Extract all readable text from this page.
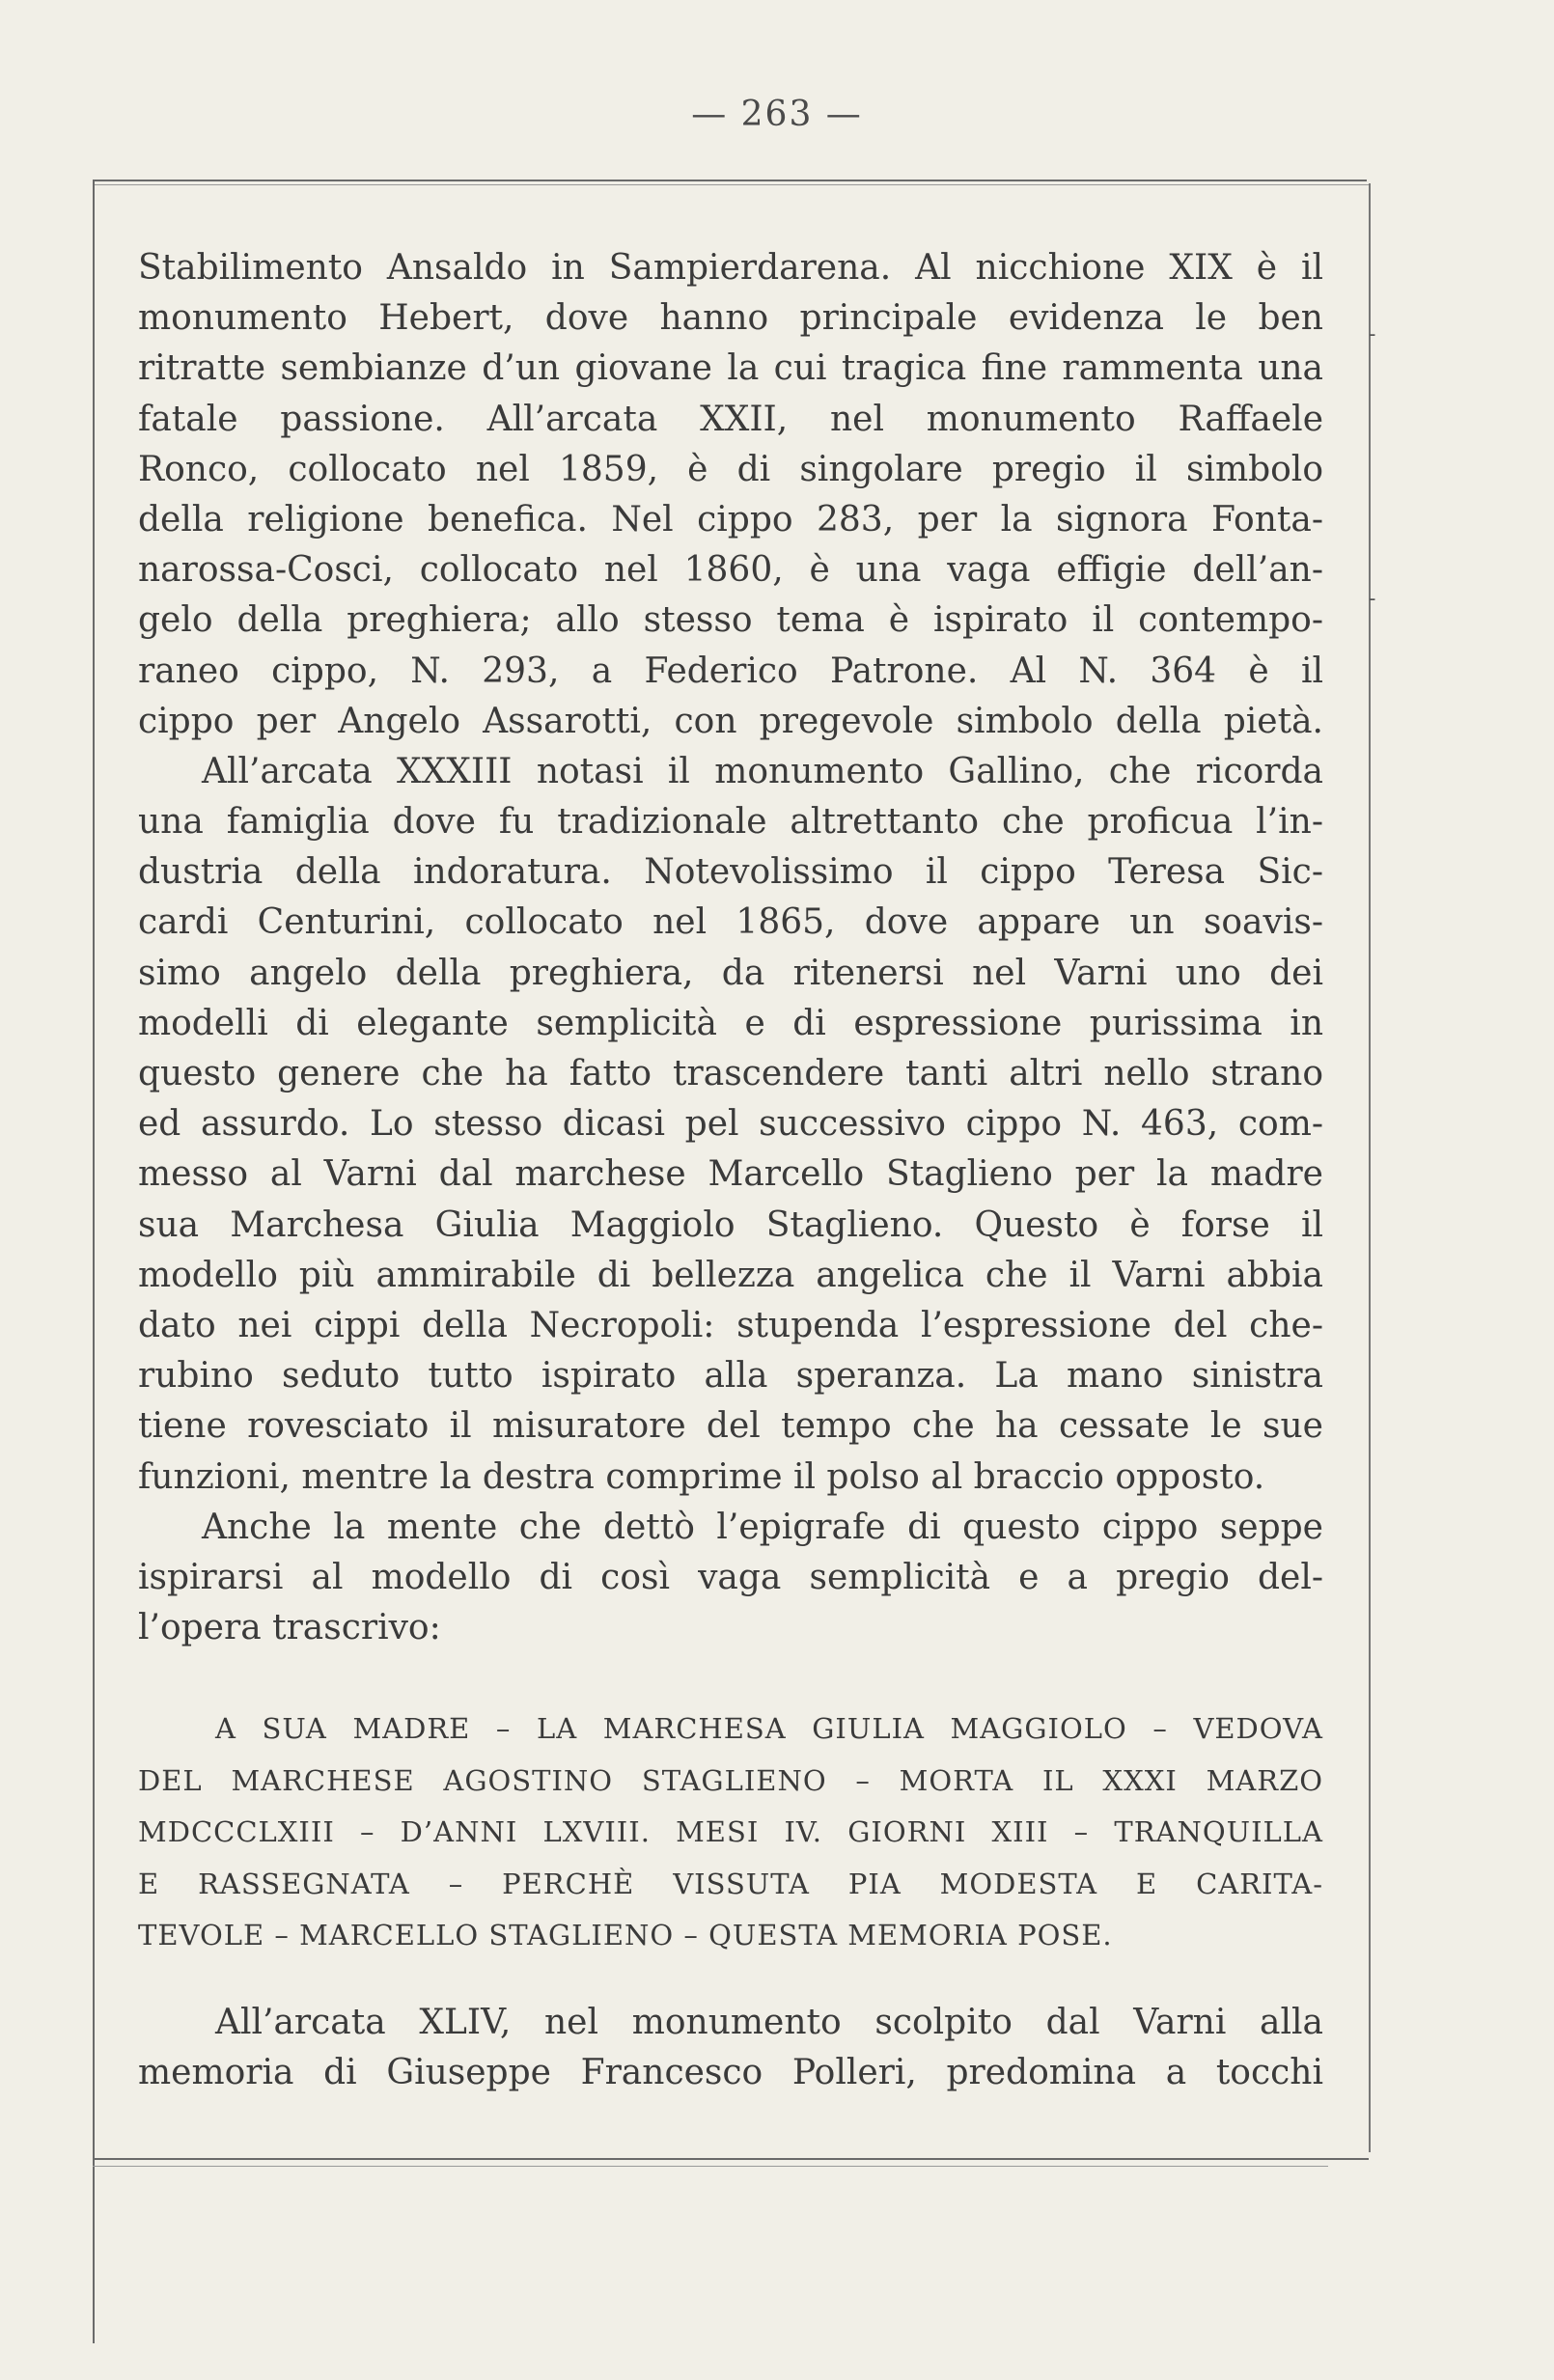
— 263 —
-
-
Stabilimento Ansaldo in Sampierdarena. Al nicchione XIX è il
monumento Hebert, dove hanno principale evidenza le ben
ritratte sembianze d’un giovane la cui tragica fine rammenta una
fatale passione. All’arcata XXII, nel monumento Raffaele
Ronco, collocato nel 1859, è di singolare pregio il simbolo
della religione benefica. Nel cippo 283, per la signora Fonta-
narossa-Cosci, collocato nel 1860, è una vaga effigie dell’an-
gelo della preghiera; allo stesso tema è ispirato il contempo-
raneo cippo, N. 293, a Federico Patrone. Al N. 364 è il
cippo per Angelo Assarotti, con pregevole simbolo della pietà.
All’arcata XXXIII notasi il monumento Gallino, che ricorda
una famiglia dove fu tradizionale altrettanto che proficua l’in-
dustria della indoratura. Notevolissimo il cippo Teresa Sic-
cardi Centurini, collocato nel 1865, dove appare un soavis-
simo angelo della preghiera, da ritenersi nel Varni uno dei
modelli di elegante semplicità e di espressione purissima in
questo genere che ha fatto trascendere tanti altri nello strano
ed assurdo. Lo stesso dicasi pel successivo cippo N. 463, com-
messo al Varni dal marchese Marcello Staglieno per la madre
sua Marchesa Giulia Maggiolo Staglieno. Questo è forse il
modello più ammirabile di bellezza angelica che il Varni abbia
dato nei cippi della Necropoli: stupenda l’espressione del che-
rubino seduto tutto ispirato alla speranza. La mano sinistra
tiene rovesciato il misuratore del tempo che ha cessate le sue
funzioni, mentre la destra comprime il polso al braccio opposto.
Anche la mente che dettò l’epigrafe di questo cippo seppe
ispirarsi al modello di così vaga semplicità e a pregio del-
l’opera trascrivo:
A SUA MADRE – LA MARCHESA GIULIA MAGGIOLO – VEDOVA
DEL MARCHESE AGOSTINO STAGLIENO – MORTA IL XXXI MARZO
MDCCCLXIII – D’ANNI LXVIII. MESI IV. GIORNI XIII – TRANQUILLA
E RASSEGNATA – PERCHÈ VISSUTA PIA MODESTA E CARITA-
TEVOLE – MARCELLO STAGLIENO – QUESTA MEMORIA POSE.
All’arcata XLIV, nel monumento scolpito dal Varni alla
memoria di Giuseppe Francesco Polleri, predomina a tocchi
